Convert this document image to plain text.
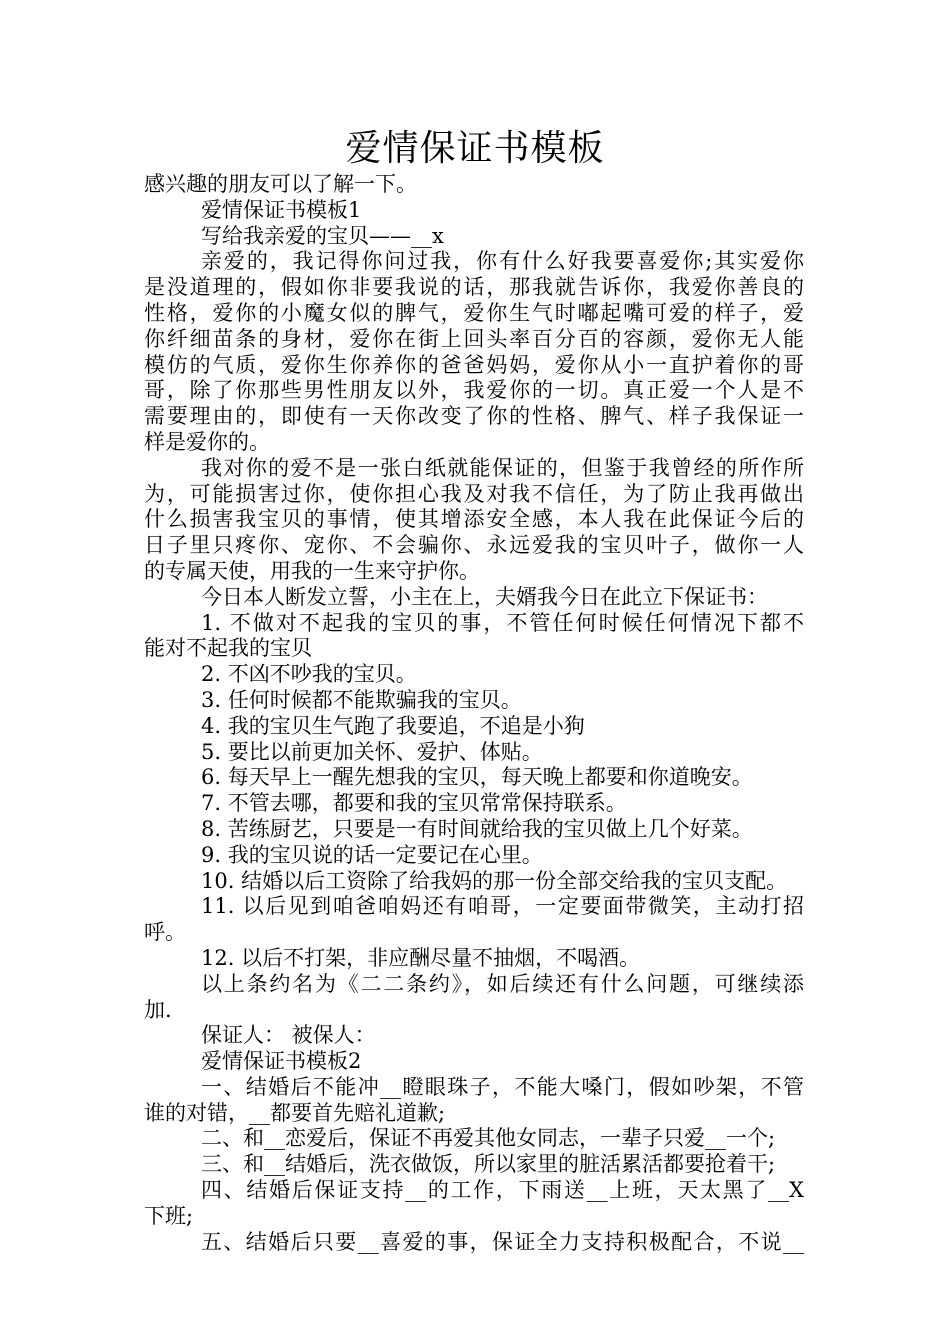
爱情保证书模板
感兴趣的朋友可以了解一下。
爱情保证书模板1
写给我亲爱的宝贝——__x
亲爱的，我记得你问过我，你有什么好我要喜爱你;其实爱你
是没道理的，假如你非要我说的话，那我就告诉你，我爱你善良的
性格，爱你的小魔女似的脾气，爱你生气时嘟起嘴可爱的样子，爱
你纤细苗条的身材，爱你在街上回头率百分百的容颜，爱你无人能
模仿的气质，爱你生你养你的爸爸妈妈，爱你从小一直护着你的哥
哥，除了你那些男性朋友以外，我爱你的一切。真正爱一个人是不
需要理由的，即使有一天你改变了你的性格、脾气、样子我保证一
样是爱你的。
我对你的爱不是一张白纸就能保证的，但鉴于我曾经的所作所
为，可能损害过你，使你担心我及对我不信任，为了防止我再做出
什么损害我宝贝的事情，使其增添安全感，本人我在此保证今后的
日子里只疼你、宠你、不会骗你、永远爱我的宝贝叶子，做你一人
的专属天使，用我的一生来守护你。
今日本人断发立誓，小主在上，夫婿我今日在此立下保证书：
1. 不做对不起我的宝贝的事，不管任何时候任何情况下都不
能对不起我的宝贝
2. 不凶不吵我的宝贝。
3. 任何时候都不能欺骗我的宝贝。
4. 我的宝贝生气跑了我要追，不追是小狗
5. 要比以前更加关怀、爱护、体贴。
6. 每天早上一醒先想我的宝贝，每天晚上都要和你道晚安。
7. 不管去哪，都要和我的宝贝常常保持联系。
8. 苦练厨艺，只要是一有时间就给我的宝贝做上几个好菜。
9. 我的宝贝说的话一定要记在心里。
10. 结婚以后工资除了给我妈的那一份全部交给我的宝贝支配。
11. 以后见到咱爸咱妈还有咱哥，一定要面带微笑，主动打招
呼。
12. 以后不打架，非应酬尽量不抽烟，不喝酒。
以上条约名为《二二条约》，如后续还有什么问题，可继续添
加.
保证人： 被保人：
爱情保证书模板2
一、结婚后不能冲__瞪眼珠子，不能大嗓门，假如吵架，不管
谁的对错，__都要首先赔礼道歉;
二、和__恋爱后，保证不再爱其他女同志，一辈子只爱__一个;
三、和__结婚后，洗衣做饭，所以家里的脏活累活都要抢着干;
四、结婚后保证支持__的工作，下雨送__上班，天太黑了__X
下班;
五、结婚后只要__喜爱的事，保证全力支持积极配合，不说__
